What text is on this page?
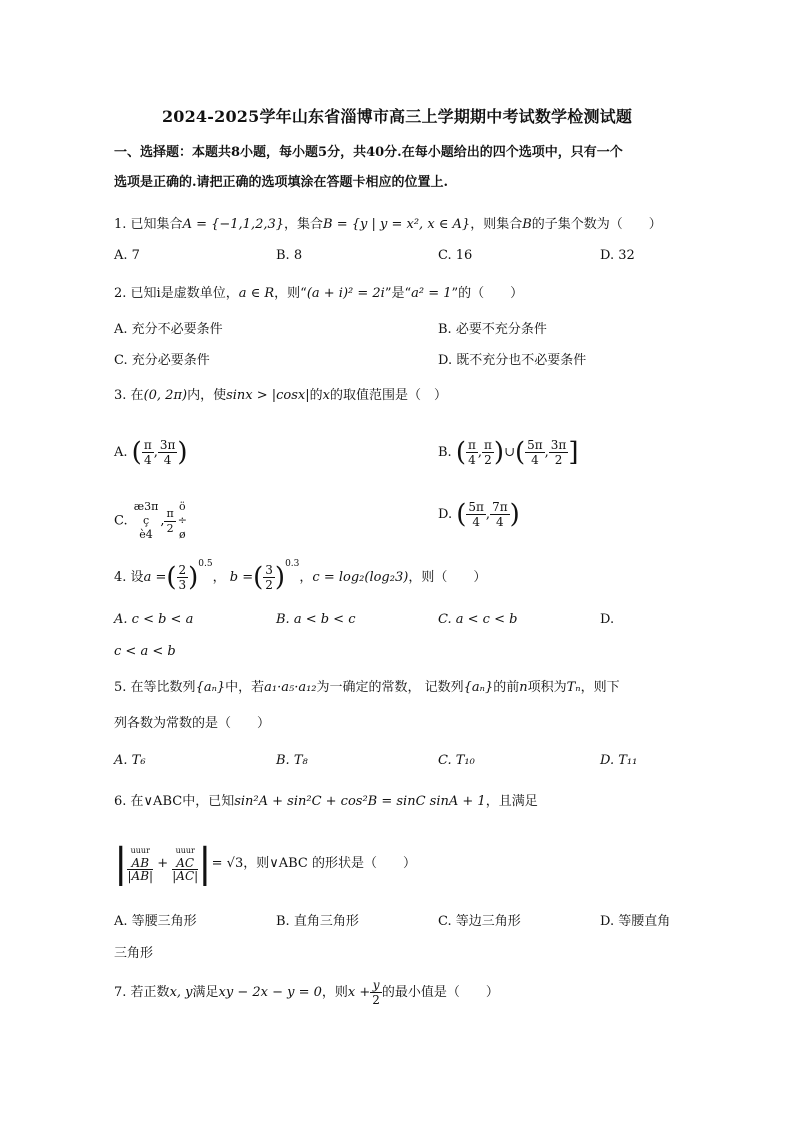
2024-2025学年山东省淄博市高三上学期期中考试数学检测试题
一、选择题：本题共8小题，每小题5分，共40分.在每小题给出的四个选项中，只有一个
选项是正确的.请把正确的选项填涂在答题卡相应的位置上.
1. 已知集合A = {−1,1,2,3}，集合B = {y | y = x², x ∈ A}，则集合B的子集个数为（　　）
A. 7	B. 8	C. 16	D. 32
2. 已知i是虚数单位，a ∈ R，则“(a + i)² = 2i”是“a² = 1”的（　　）
A. 充分不必要条件	B. 必要不充分条件
C. 充分必要条件	D. 既不充分也不必要条件
3. 在(0, 2π)内，使sinx > |cosx|的x的取值范围是（　）
A. ( $\frac{\pi}{4}$ , $\frac{3\pi}{4}$ )	B. ( $\frac{\pi}{4}$ , $\frac{\pi}{2}$ )∪( $\frac{5\pi}{4}$ , $\frac{3\pi}{2}$ ]
C.
æ3π
ç
è4
, $\frac{\pi}{2}$ ö
÷
ø
D. ( $\frac{5\pi}{4}$ , $\frac{7\pi}{4}$ )
4. 设a =( $\frac{2}{3} )^{0.5}$， b =( $\frac{3}{2} )^{0.3}$，c = log₂(log₂3)，则（　　）
A. c < b < a	B. a < b < c	C. a < c < b	D.
c < a < b
5. 在等比数列{aₙ}中，若a₁·a₅·a₁₂为一确定的常数， 记数列{aₙ}的前n项积为Tₙ，则下
列各数为常数的是（　　）
A. T₆	B. T₈	C. T₁₀	D. T₁₁
6. 在∨ABC中，已知sin²A + sin²C + cos²B = sinC sinA + 1，且满足
| uuur
AB
|AB|
+
uuur
AC
|AC| |= √3，则∨ABC 的形状是（　　）
A. 等腰三角形	B. 直角三角形	C. 等边三角形	D. 等腰直角
三角形
7. 若正数x, y满足xy − 2x − y = 0，则$x + \frac{y}{2}$ 的最小值是（　　）
